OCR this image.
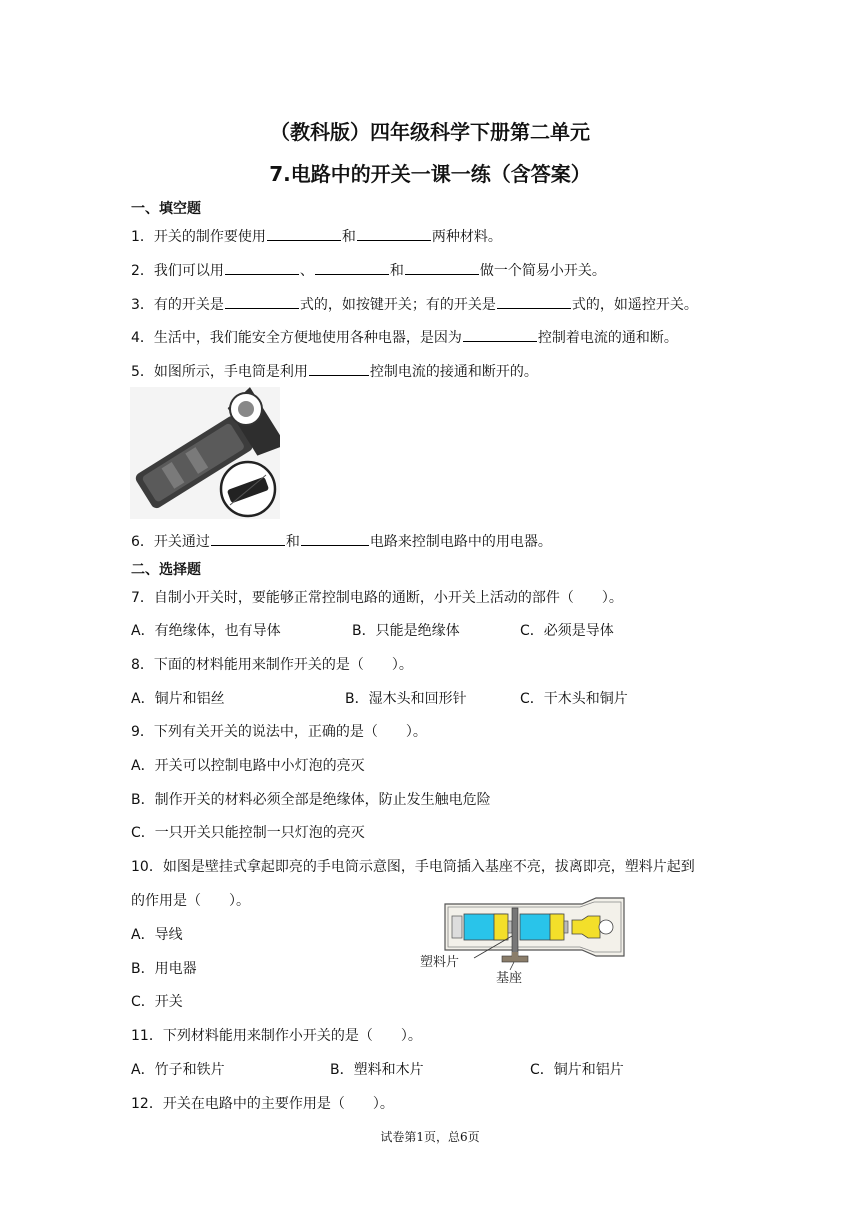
（教科版）四年级科学下册第二单元
7.电路中的开关一课一练（含答案）
一、填空题
1．开关的制作要使用	和	两种材料。
2．我们可以用	、	和	做一个简易小开关。
3．有的开关是	式的，如按键开关；有的开关是	式的，如遥控开关。
4．生活中，我们能安全方便地使用各种电器，是因为	控制着电流的通和断。
5．如图所示，手电筒是利用	控制电流的接通和断开的。
6．开关通过	和	电路来控制电路中的用电器。
二、选择题
7．自制小开关时，要能够正常控制电路的通断，小开关上活动的部件（　　）。
A．有绝缘体，也有导体	B．只能是绝缘体	C．必须是导体
8．下面的材料能用来制作开关的是（　　）。
A．铜片和铝丝	B．湿木头和回形针	C．干木头和铜片
9．下列有关开关的说法中，正确的是（　　）。
A．开关可以控制电路中小灯泡的亮灭
B．制作开关的材料必须全部是绝缘体，防止发生触电危险
C．一只开关只能控制一只灯泡的亮灭
10．如图是壁挂式拿起即亮的手电筒示意图，手电筒插入基座不亮，拔离即亮，塑料片起到
的作用是（　　）。
A．导线
B．用电器
C．开关
塑料片
基座
11．下列材料能用来制作小开关的是（　　）。
A．竹子和铁片	B．塑料和木片	C．铜片和铝片
12．开关在电路中的主要作用是（　　）。
试卷第1页，总6页
